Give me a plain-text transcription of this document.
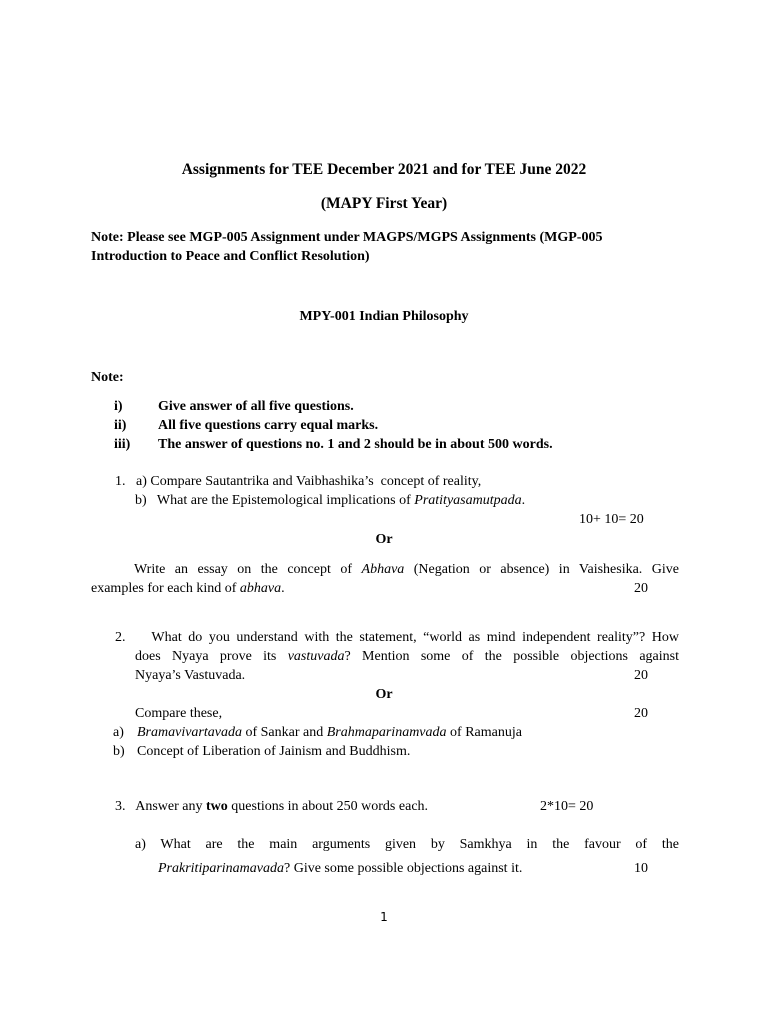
Assignments for TEE December 2021 and for TEE June 2022
(MAPY First Year)
Note: Please see MGP-005 Assignment under MAGPS/MGPS Assignments (MGP-005
Introduction to Peace and Conflict Resolution)
MPY-001 Indian Philosophy
Note:
i)	Give answer of all five questions.
ii) All five questions carry equal marks.
iii) The answer of questions no. 1 and 2 should be in about 500 words.
1.   a) Compare Sautantrika and Vaibhashika’s  concept of reality,
b)   What are the Epistemological implications of Pratityasamutpada.
10+ 10= 20
Or
Write an essay on the concept of Abhava (Negation or absence) in Vaishesika. Give
examples for each kind of abhava.	20
2.    What do you understand with the statement, “world as mind independent reality”? How
does Nyaya prove its vastuvada? Mention some of the possible objections against
Nyaya’s Vastuvada.	20
Or
Compare these,	20
a) Bramavivartavada of Sankar and Brahmaparinamvada of Ramanuja
b) Concept of Liberation of Jainism and Buddhism.
3.   Answer any two questions in about 250 words each.	2*10= 20
a) What are the main arguments given by Samkhya in the favour of the
Prakritiparinamavada? Give some possible objections against it.	10
1
